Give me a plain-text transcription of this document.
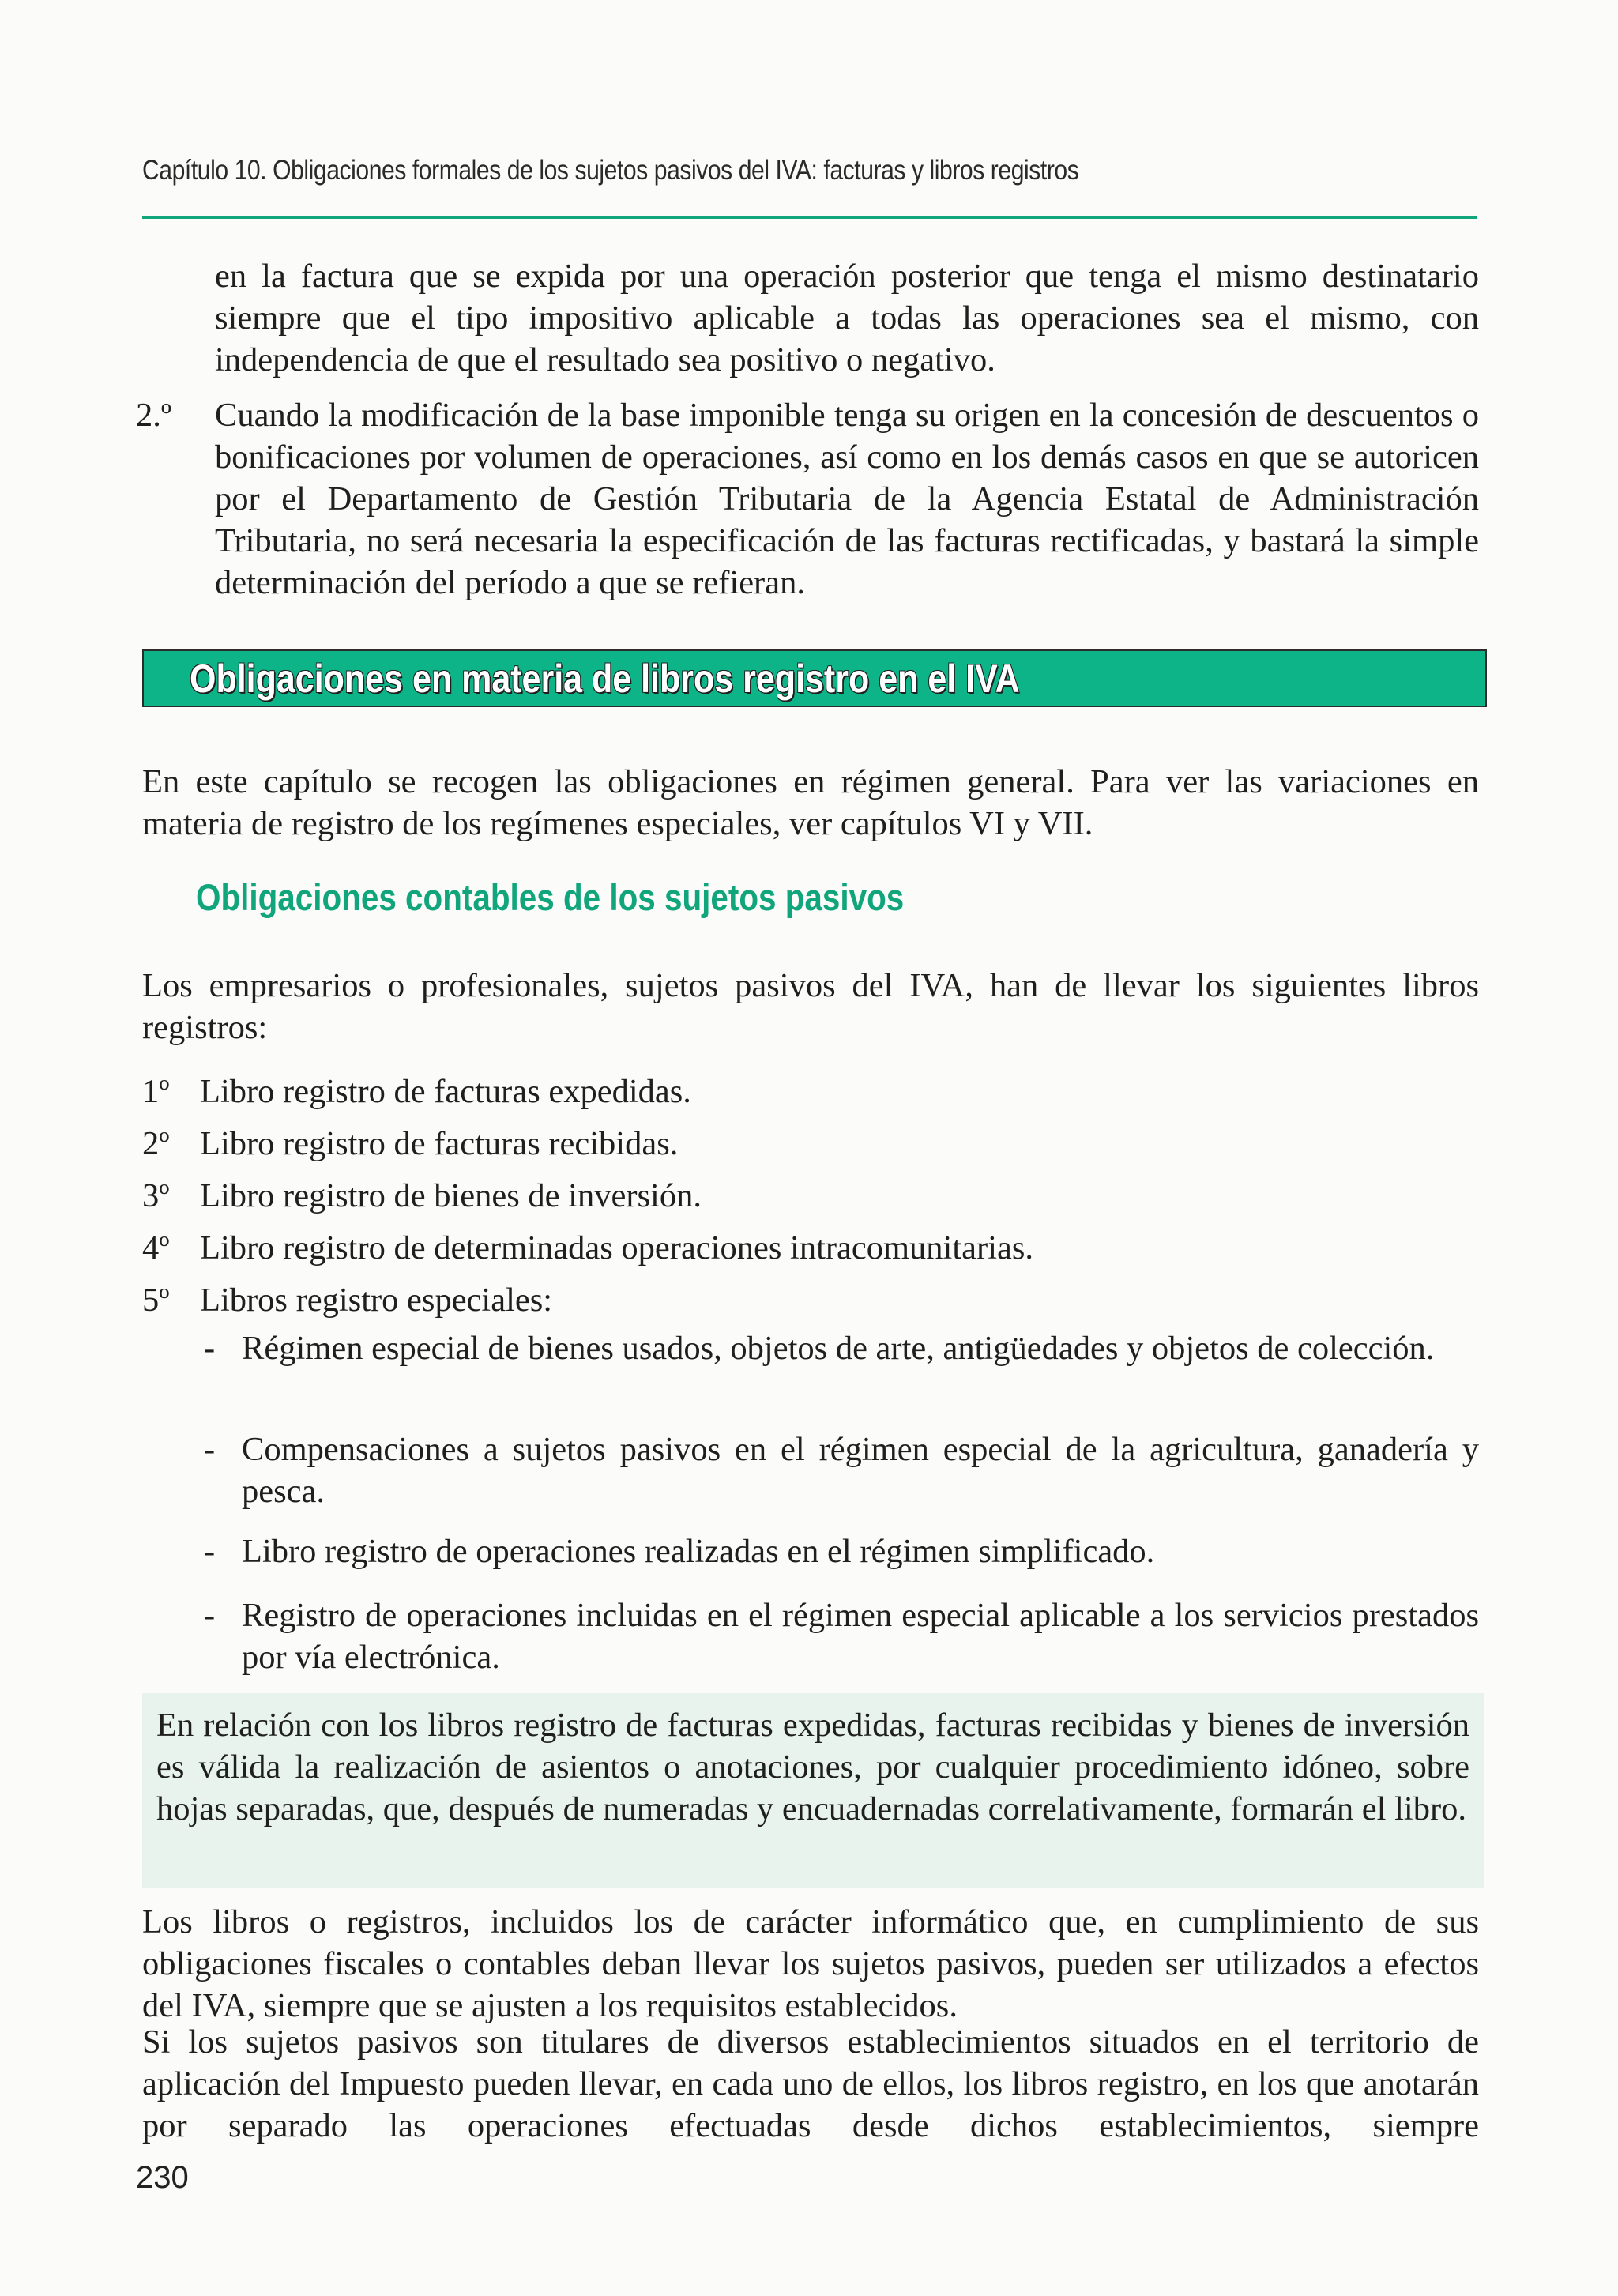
Capítulo 10. Obligaciones formales de los sujetos pasivos del IVA: facturas y libros registros

en la factura que se expida por una operación posterior que tenga el mismo destinatario siempre que el tipo impositivo aplicable a todas las operaciones sea el mismo, con independencia de que el resultado sea positivo o negativo.

2.º Cuando la modificación de la base imponible tenga su origen en la concesión de descuentos o bonificaciones por volumen de operaciones, así como en los demás casos en que se autoricen por el Departamento de Gestión Tributaria de la Agencia Estatal de Administración Tributaria, no será necesaria la especificación de las facturas rectificadas, y bastará la simple determinación del período a que se refieran.

Obligaciones en materia de libros registro en el IVA

En este capítulo se recogen las obligaciones en régimen general. Para ver las variaciones en materia de registro de los regímenes especiales, ver capítulos VI y VII.

Obligaciones contables de los sujetos pasivos

Los empresarios o profesionales, sujetos pasivos del IVA, han de llevar los siguientes libros registros:

1º Libro registro de facturas expedidas.
2º Libro registro de facturas recibidas.
3º Libro registro de bienes de inversión.
4º Libro registro de determinadas operaciones intracomunitarias.
5º Libros registro especiales:
- Régimen especial de bienes usados, objetos de arte, antigüedades y objetos de colección.

- Compensaciones a sujetos pasivos en el régimen especial de la agricultura, ganadería y pesca.

- Libro registro de operaciones realizadas en el régimen simplificado.

- Registro de operaciones incluidas en el régimen especial aplicable a los servicios prestados por vía electrónica.

En relación con los libros registro de facturas expedidas, facturas recibidas y bienes de inversión es válida la realización de asientos o anotaciones, por cualquier procedimiento idóneo, sobre hojas separadas, que, después de numeradas y encuadernadas correlativamente, formarán el libro.

Los libros o registros, incluidos los de carácter informático que, en cumplimiento de sus obligaciones fiscales o contables deban llevar los sujetos pasivos, pueden ser utilizados a efectos del IVA, siempre que se ajusten a los requisitos establecidos.

Si los sujetos pasivos son titulares de diversos establecimientos situados en el territorio de aplicación del Impuesto pueden llevar, en cada uno de ellos, los libros registro, en los que anotarán por separado las operaciones efectuadas desde dichos establecimientos, siempre

230
